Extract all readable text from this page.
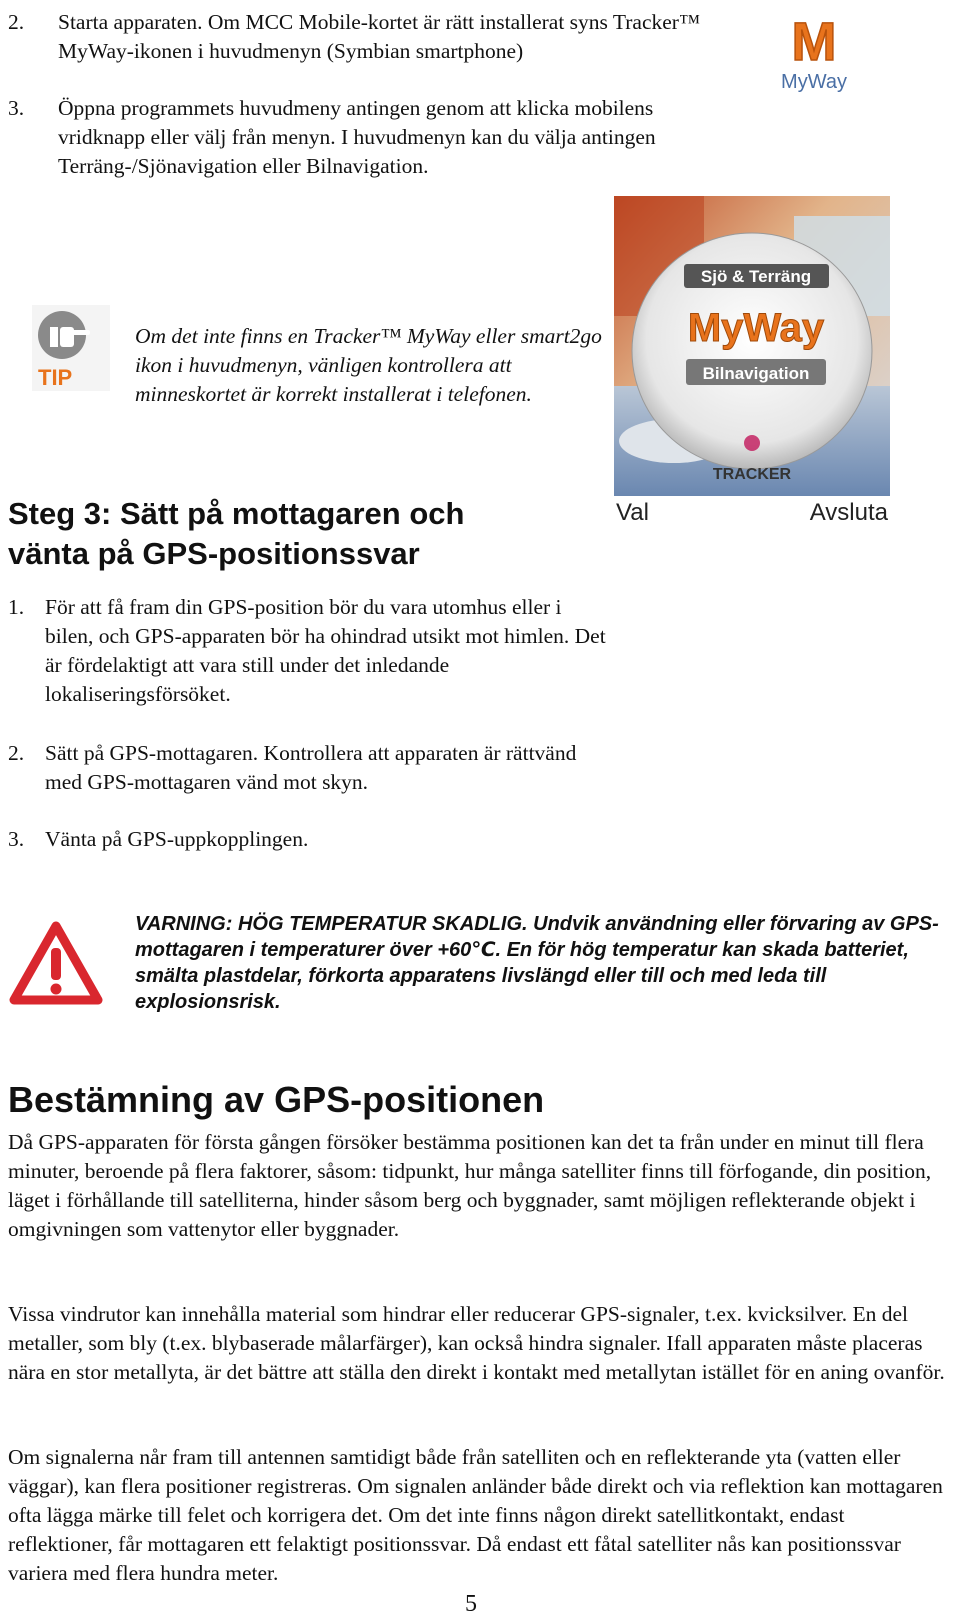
2. Starta apparaten. Om MCC Mobile-kortet är rätt installerat syns Tracker™ MyWay-ikonen i huvudmenyn (Symbian smartphone)
3. Öppna programmets huvudmeny antingen genom att klicka mobilens vridknapp eller välj från menyn. I huvudmenyn kan du välja antingen Terräng-/Sjönavigation eller Bilnavigation.
M
MyWay
Sjö & Terräng
MyWay
Bilnavigation
TRACKER
Val	Avsluta
TIP
Om det inte finns en Tracker™ MyWay eller smart2go ikon i huvudmenyn, vänligen kontrollera att minneskortet är korrekt installerat i telefonen.
Steg 3: Sätt på mottagaren och
vänta på GPS-positionssvar
1. För att få fram din GPS-position bör du vara utomhus eller i bilen, och GPS-apparaten bör ha ohindrad utsikt mot himlen. Det är fördelaktigt att vara still under det inledande lokaliseringsförsöket.
2. Sätt på GPS-mottagaren. Kontrollera att apparaten är rättvänd med GPS-mottagaren vänd mot skyn.
3. Vänta på GPS-uppkopplingen.
VARNING: HÖG TEMPERATUR SKADLIG. Undvik användning eller förvaring av GPS-mottagaren i temperaturer över +60℃. En för hög temperatur kan skada batteriet, smälta plastdelar, förkorta apparatens livslängd eller till och med leda till explosionsrisk.
Bestämning av GPS-positionen
Då GPS-apparaten för första gången försöker bestämma positionen kan det ta från under en minut till flera minuter, beroende på flera faktorer, såsom: tidpunkt, hur många satelliter finns till förfogande, din position, läget i förhållande till satelliterna, hinder såsom berg och byggnader, samt möjligen reflekterande objekt i omgivningen som vattenytor eller byggnader.
Vissa vindrutor kan innehålla material som hindrar eller reducerar GPS-signaler, t.ex. kvicksilver. En del metaller, som bly (t.ex. blybaserade målarfärger), kan också hindra signaler. Ifall apparaten måste placeras nära en stor metallyta, är det bättre att ställa den direkt i kontakt med metallytan istället för en aning ovanför.
Om signalerna når fram till antennen samtidigt både från satelliten och en reflekterande yta (vatten eller väggar), kan flera positioner registreras. Om signalen anländer både direkt och via reflektion kan mottagaren ofta lägga märke till felet och korrigera det. Om det inte finns någon direkt satellitkontakt, endast reflektioner, får mottagaren ett felaktigt positionssvar. Då endast ett fåtal satelliter nås kan positionssvar variera med flera hundra meter.
5
